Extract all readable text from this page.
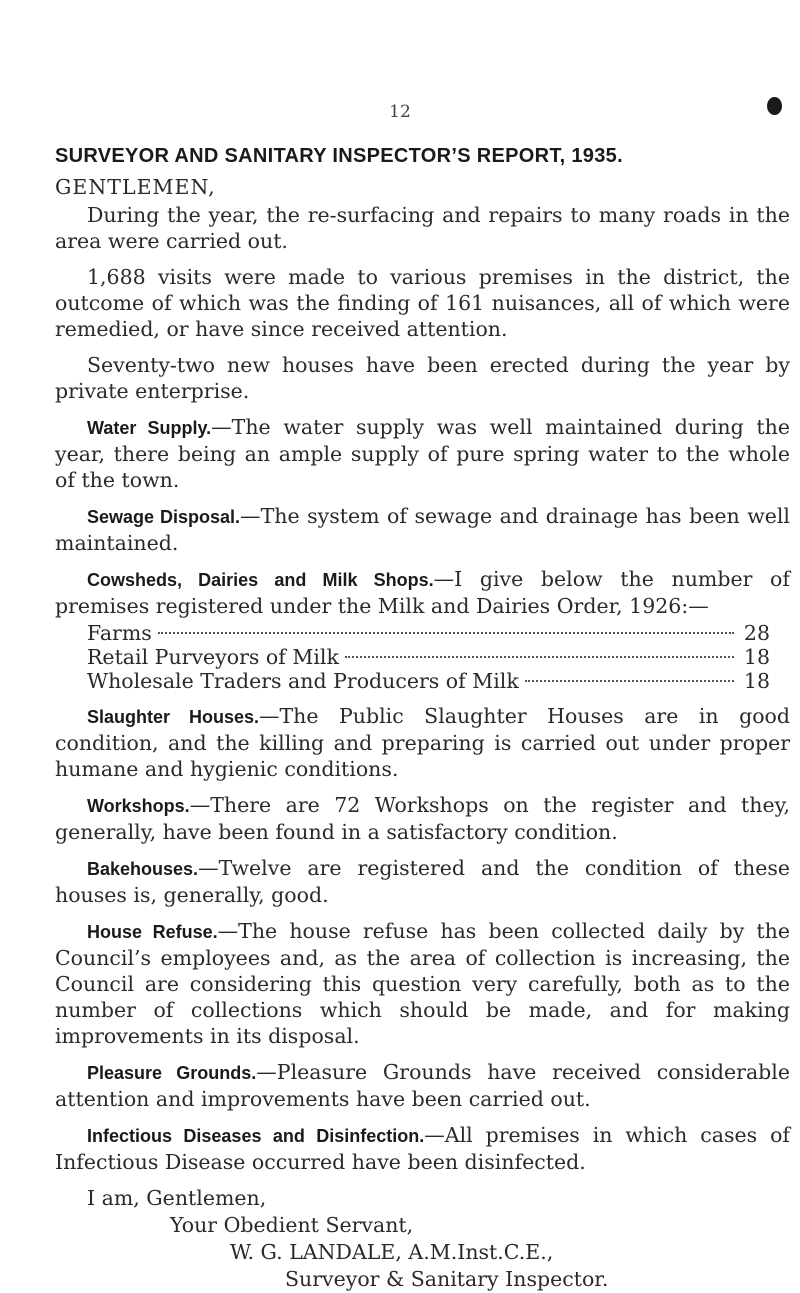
12
SURVEYOR AND SANITARY INSPECTOR’S REPORT, 1935.
GENTLEMEN,

During the year, the re-surfacing and repairs to many roads in the area were carried out.

1,688 visits were made to various premises in the district, the outcome of which was the finding of 161 nuisances, all of which were remedied, or have since received attention.

Seventy-two new houses have been erected during the year by private enterprise.

Water Supply.—The water supply was well maintained during the year, there being an ample supply of pure spring water to the whole of the town.

Sewage Disposal.—The system of sewage and drainage has been well maintained.

Cowsheds, Dairies and Milk Shops.—I give below the number of premises registered under the Milk and Dairies Order, 1926:—

Farms	28
Retail Purveyors of Milk	18
Wholesale Traders and Producers of Milk	18

Slaughter Houses.—The Public Slaughter Houses are in good condition, and the killing and preparing is carried out under proper humane and hygienic conditions.

Workshops.—There are 72 Workshops on the register and they, generally, have been found in a satisfactory condition.

Bakehouses.—Twelve are registered and the condition of these houses is, generally, good.

House Refuse.—The house refuse has been collected daily by the Council’s employees and, as the area of collection is increasing, the Council are considering this question very carefully, both as to the number of collections which should be made, and for making improvements in its disposal.

Pleasure Grounds.—Pleasure Grounds have received considerable attention and improvements have been carried out.

Infectious Diseases and Disinfection.—All premises in which cases of Infectious Disease occurred have been disinfected.

I am, Gentlemen,
Your Obedient Servant,
W. G. LANDALE, A.M.Inst.C.E.,
Surveyor & Sanitary Inspector.
